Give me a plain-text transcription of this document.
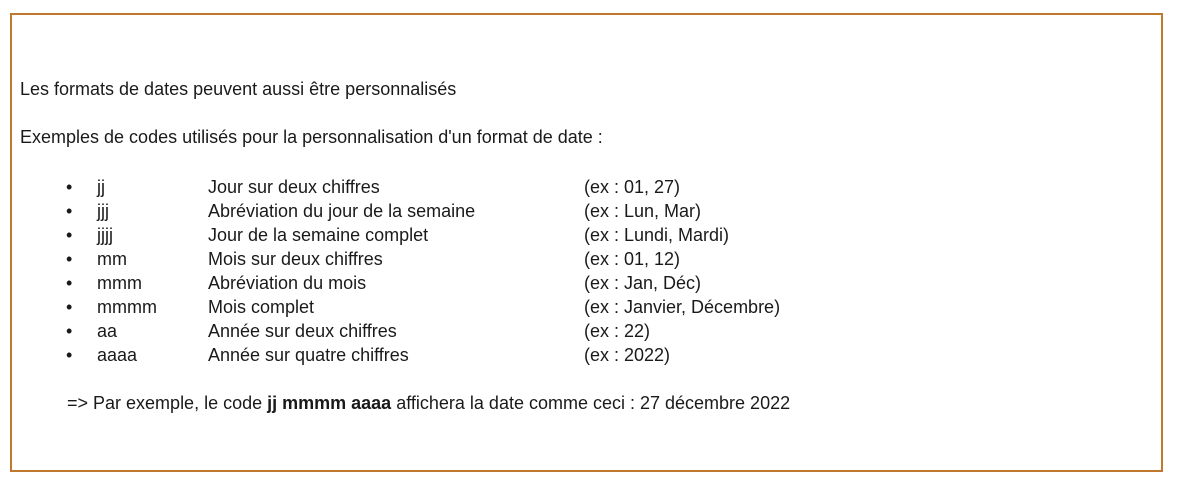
Les formats de dates peuvent aussi être personnalisés

Exemples de codes utilisés pour la personnalisation d'un format de date :

• jj	Jour sur deux chiffres	(ex : 01, 27)
• jjj	Abréviation du jour de la semaine	(ex : Lun, Mar)
• jjjj	Jour de la semaine complet	(ex : Lundi, Mardi)
• mm	Mois sur deux chiffres	(ex : 01, 12)
• mmm	Abréviation du mois	(ex : Jan, Déc)
• mmmm	Mois complet	(ex : Janvier, Décembre)
• aa	Année sur deux chiffres	(ex : 22)
• aaaa	Année sur quatre chiffres	(ex : 2022)

=> Par exemple, le code jj mmmm aaaa affichera la date comme ceci : 27 décembre 2022
